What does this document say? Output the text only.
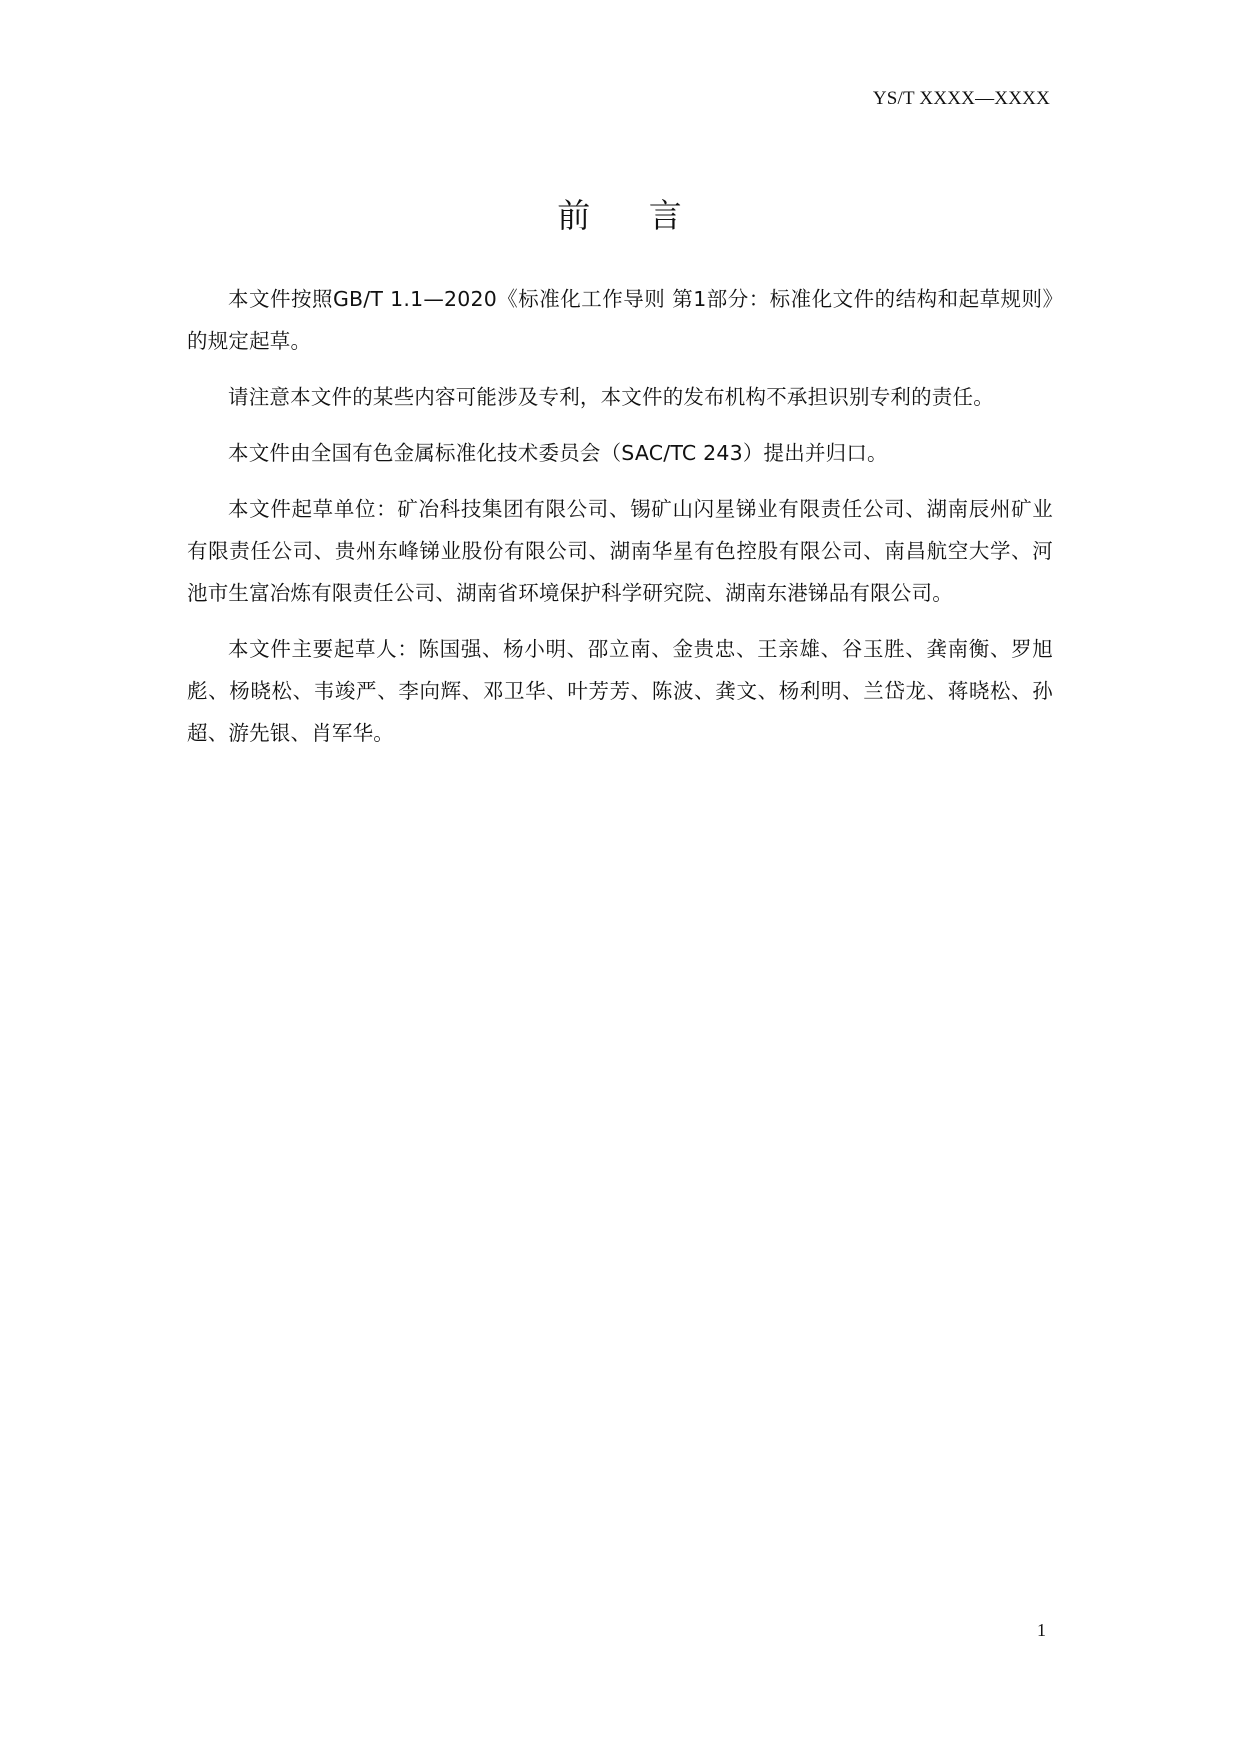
YS/T XXXX—XXXX
前     言

本文件按照GB/T 1.1—2020《标准化工作导则 第1部分：标准化文件的结构和起草规则》的规定起草。

请注意本文件的某些内容可能涉及专利，本文件的发布机构不承担识别专利的责任。

本文件由全国有色金属标准化技术委员会（SAC/TC 243）提出并归口。

本文件起草单位：矿冶科技集团有限公司、锡矿山闪星锑业有限责任公司、湖南辰州矿业有限责任公司、贵州东峰锑业股份有限公司、湖南华星有色控股有限公司、南昌航空大学、河池市生富冶炼有限责任公司、湖南省环境保护科学研究院、湖南东港锑品有限公司。

本文件主要起草人：陈国强、杨小明、邵立南、金贵忠、王亲雄、谷玉胜、龚南衡、罗旭彪、杨晓松、韦竣严、李向辉、邓卫华、叶芳芳、陈波、龚文、杨利明、兰岱龙、蒋晓松、孙超、游先银、肖军华。

1
